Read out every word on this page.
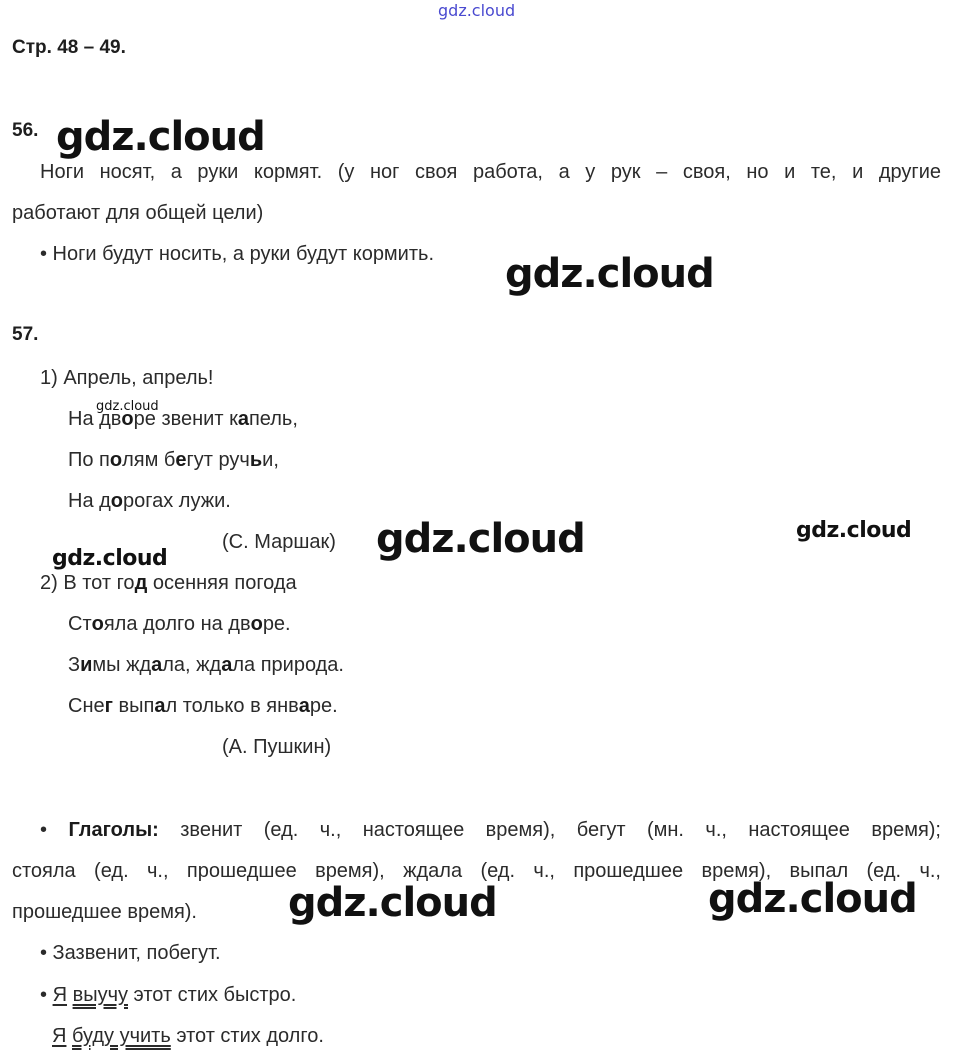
gdz.cloud
Стр. 48 – 49.
56. gdz.cloud
Ноги носят, а руки кормят. (у ног своя работа, а у рук – своя, но и те, и другие
работают для общей цели)
• Ноги будут носить, а руки будут кормить. gdz.cloud
57.
1) Апрель, апрель!
На дворе звенит капель,
gdz.cloud
По полям бегут ручьи,
На дорогах лужи.
(С. Маршак) gdz.cloud	gdz.cloud
gdz.cloud
2) В тот год осенняя погода
Стояла долго на дворе.
Зимы ждала, ждала природа.
Снег выпал только в январе.
(А. Пушкин)
• Глаголы: звенит (ед. ч., настоящее время), бегут (мн. ч., настоящее время);
стояла (ед. ч., прошедшее время), ждала (ед. ч., прошедшее время), выпал (ед. ч.,
прошедшее время). gdz.cloud	gdz.cloud
• Зазвенит, побегут.
• Я выучу этот стих быстро.
Я буду учить этот стих долго.
